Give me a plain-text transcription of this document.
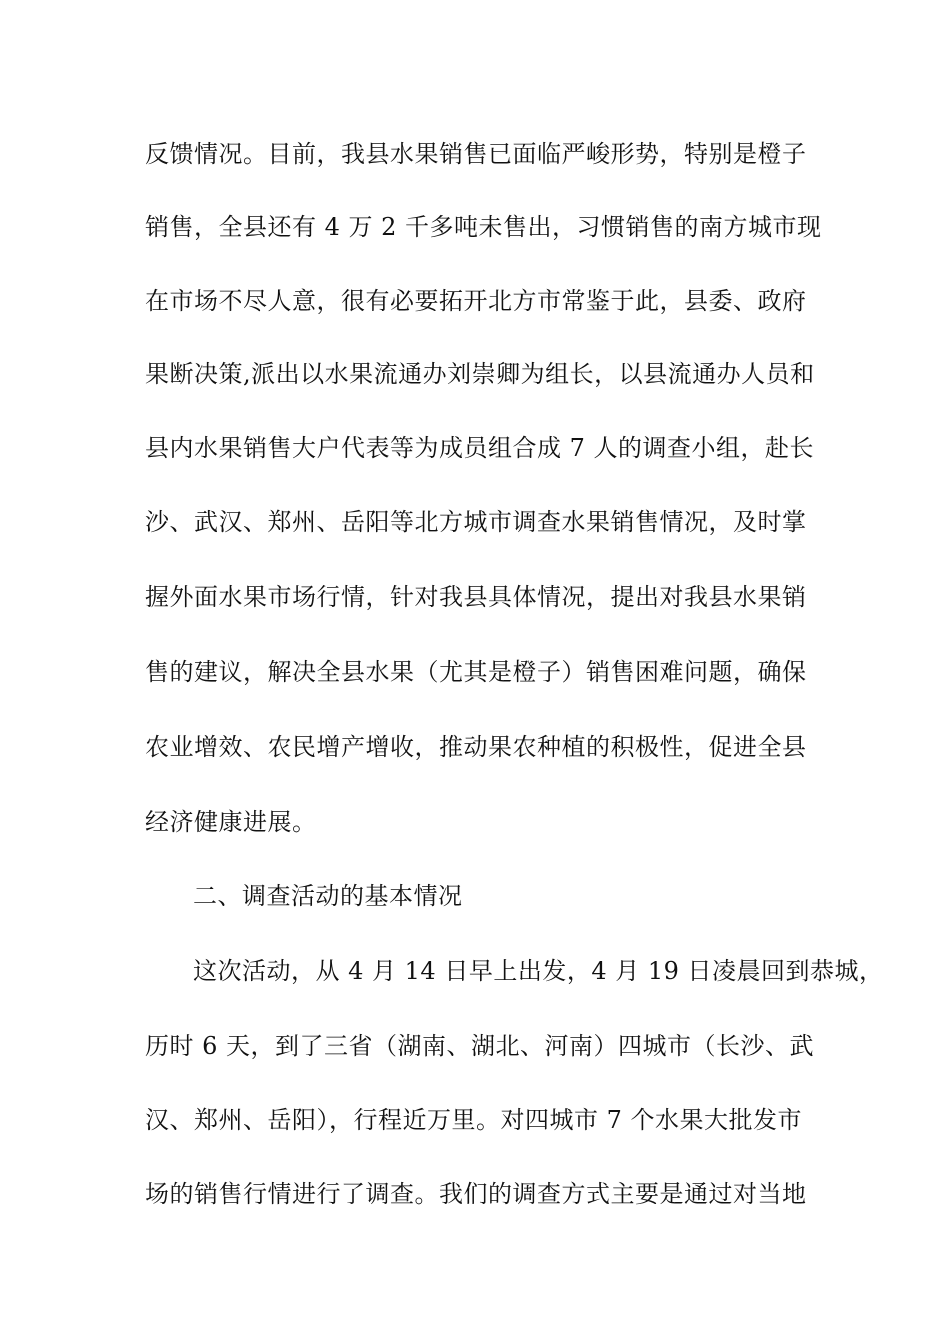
反馈情况。目前，我县水果销售已面临严峻形势，特别是橙子
销售，全县还有 4 万 2 千多吨未售出，习惯销售的南方城市现
在市场不尽人意，很有必要拓开北方市常鉴于此，县委、政府
果断决策,派出以水果流通办刘崇卿为组长，以县流通办人员和
县内水果销售大户代表等为成员组合成 7 人的调查小组，赴长
沙、武汉、郑州、岳阳等北方城市调查水果销售情况，及时掌
握外面水果市场行情，针对我县具体情况，提出对我县水果销
售的建议，解决全县水果（尤其是橙子）销售困难问题，确保
农业增效、农民增产增收，推动果农种植的积极性，促进全县
经济健康进展。
二、调查活动的基本情况
这次活动，从 4 月 14 日早上出发，4 月 19 日凌晨回到恭城，
历时 6 天，到了三省（湖南、湖北、河南）四城市（长沙、武
汉、郑州、岳阳），行程近万里。对四城市 7 个水果大批发市
场的销售行情进行了调查。我们的调查方式主要是通过对当地
